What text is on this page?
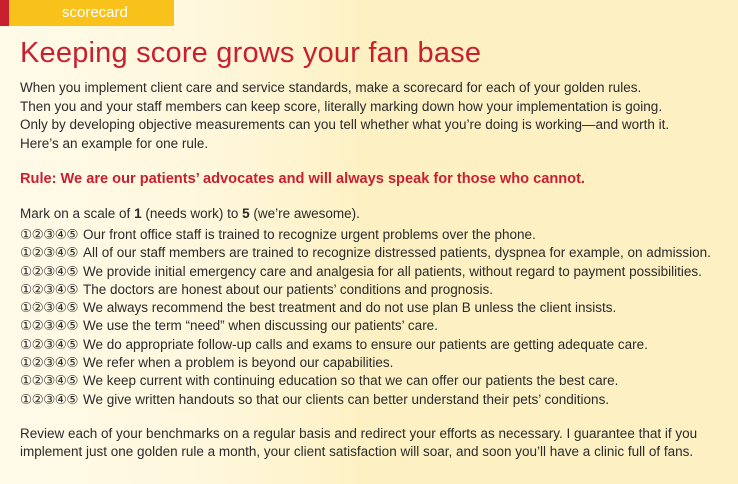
scorecard
Keeping score grows your fan base
When you implement client care and service standards, make a scorecard for each of your golden rules.
Then you and your staff members can keep score, literally marking down how your implementation is going.
Only by developing objective measurements can you tell whether what you’re doing is working—and worth it.
Here’s an example for one rule.
Rule: We are our patients’ advocates and will always speak for those who cannot.
Mark on a scale of 1 (needs work) to 5 (we’re awesome).
①②③④⑤ Our front office staff is trained to recognize urgent problems over the phone.
①②③④⑤ All of our staff members are trained to recognize distressed patients, dyspnea for example, on admission.
①②③④⑤ We provide initial emergency care and analgesia for all patients, without regard to payment possibilities.
①②③④⑤ The doctors are honest about our patients’ conditions and prognosis.
①②③④⑤ We always recommend the best treatment and do not use plan B unless the client insists.
①②③④⑤ We use the term “need” when discussing our patients’ care.
①②③④⑤ We do appropriate follow-up calls and exams to ensure our patients are getting adequate care.
①②③④⑤ We refer when a problem is beyond our capabilities.
①②③④⑤ We keep current with continuing education so that we can offer our patients the best care.
①②③④⑤ We give written handouts so that our clients can better understand their pets’ conditions.
Review each of your benchmarks on a regular basis and redirect your efforts as necessary. I guarantee that if you
implement just one golden rule a month, your client satisfaction will soar, and soon you’ll have a clinic full of fans.
